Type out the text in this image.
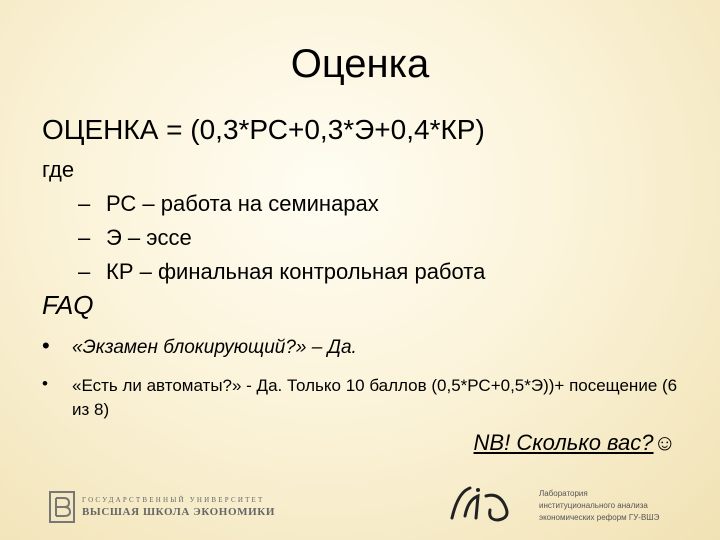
Оценка
ОЦЕНКА = (0,3*РС+0,3*Э+0,4*КР)
где
– РС – работа на семинарах
– Э – эссе
– КР – финальная контрольная работа
FAQ
• «Экзамен блокирующий?» – Да.
• «Есть ли автоматы?» - Да. Только 10 баллов (0,5*РС+0,5*Э))+ посещение (6 из 8)
NB! Сколько вас?☺
ГОСУДАРСТВЕННЫЙ УНИВЕРСИТЕТ
ВЫСШАЯ ШКОЛА ЭКОНОМИКИ
Лаборатория
институционального анализа
экономических реформ ГУ-ВШЭ
